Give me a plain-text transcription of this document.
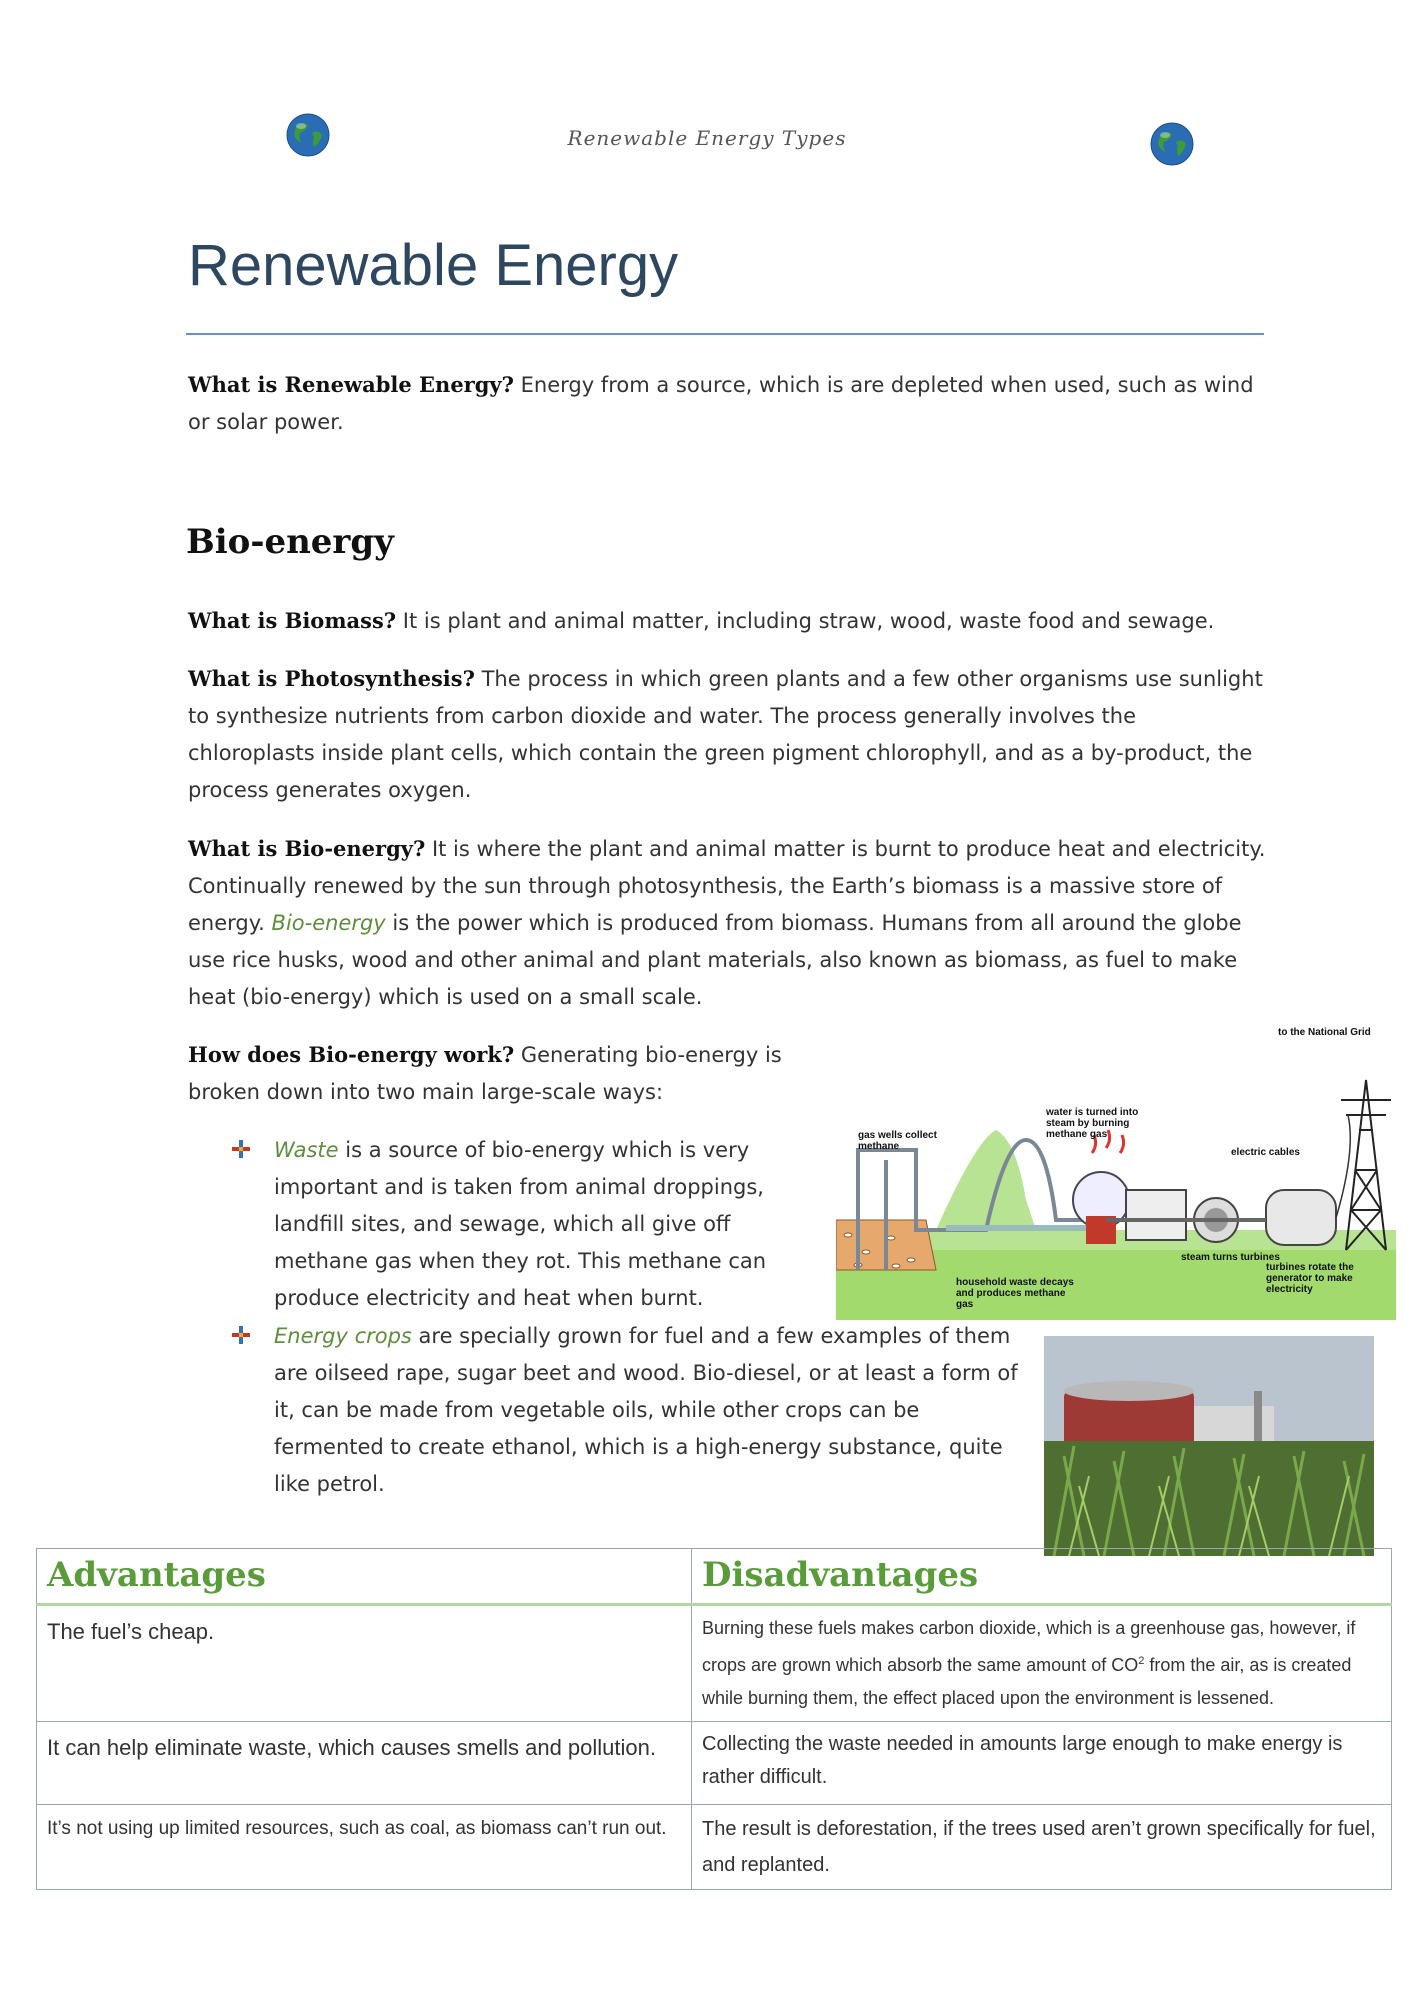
Renewable Energy Types
Renewable Energy
What is Renewable Energy? Energy from a source, which is are depleted when used, such as wind or solar power.
Bio-energy
What is Biomass? It is plant and animal matter, including straw, wood, waste food and sewage.
What is Photosynthesis? The process in which green plants and a few other organisms use sunlight to synthesize nutrients from carbon dioxide and water. The process generally involves the chloroplasts inside plant cells, which contain the green pigment chlorophyll, and as a by-product, the process generates oxygen.
What is Bio-energy? It is where the plant and animal matter is burnt to produce heat and electricity. Continually renewed by the sun through photosynthesis, the Earth’s biomass is a massive store of energy. Bio-energy is the power which is produced from biomass. Humans from all around the globe use rice husks, wood and other animal and plant materials, also known as biomass, as fuel to make heat (bio-energy) which is used on a small scale.
How does Bio-energy work? Generating bio-energy is broken down into two main large-scale ways:
Waste is a source of bio-energy which is very important and is taken from animal droppings, landfill sites, and sewage, which all give off methane gas when they rot. This methane can produce electricity and heat when burnt.
Energy crops are specially grown for fuel and a few examples of them are oilseed rape, sugar beet and wood. Bio-diesel, or at least a form of it, can be made from vegetable oils, while other crops can be fermented to create ethanol, which is a high-energy substance, quite like petrol.
to the National Grid
water is turned into steam by burning methane gas
gas wells collect methane
electric cables
household waste decays and produces methane gas
steam turns turbines
turbines rotate the generator to make electricity
Advantages	Disadvantages
The fuel’s cheap.	Burning these fuels makes carbon dioxide, which is a greenhouse gas, however, if crops are grown which absorb the same amount of $CO^2$ from the air, as is created while burning them, the effect placed upon the environment is lessened.
It can help eliminate waste, which causes smells and pollution.	Collecting the waste needed in amounts large enough to make energy is rather difficult.
It’s not using up limited resources, such as coal, as biomass can’t run out.	The result is deforestation, if the trees used aren’t grown specifically for fuel, and replanted.
